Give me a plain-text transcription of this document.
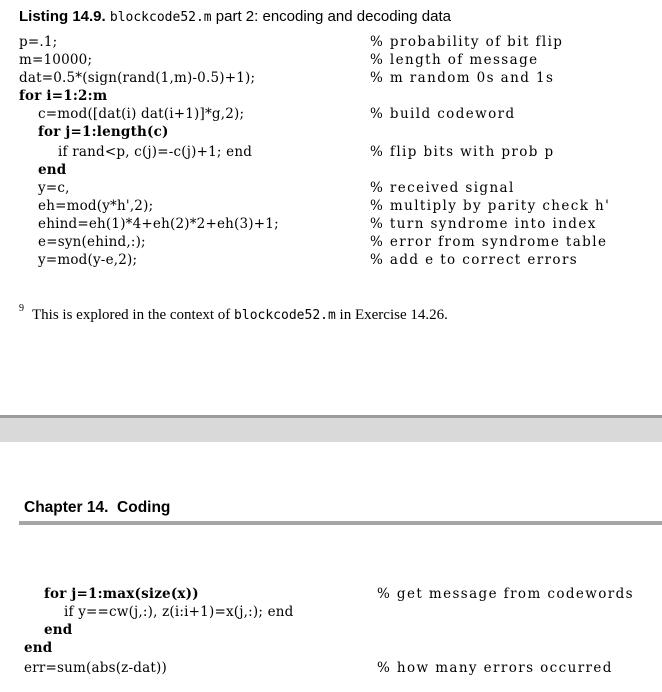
Listing 14.9. blockcode52.m part 2: encoding and decoding data
p=.1;	% probability of bit flip
m=10000;	% length of message
dat=0.5*(sign(rand(1,m)-0.5)+1);	% m random 0s and 1s
for i=1:2:m
c=mod([dat(i) dat(i+1)]*g,2);	% build codeword
for j=1:length(c)
if rand<p, c(j)=-c(j)+1; end	% flip bits with prob p
end
y=c,	% received signal
eh=mod(y*h',2);	% multiply by parity check h'
ehind=eh(1)*4+eh(2)*2+eh(3)+1;	% turn syndrome into index
e=syn(ehind,:);	% error from syndrome table
y=mod(y-e,2);	% add e to correct errors
$^9$ This is explored in the context of blockcode52.m in Exercise 14.26.
Chapter 14.  Coding
for j=1:max(size(x))	% get message from codewords
if y==cw(j,:), z(i:i+1)=x(j,:); end
end
end
err=sum(abs(z-dat))	% how many errors occurred
